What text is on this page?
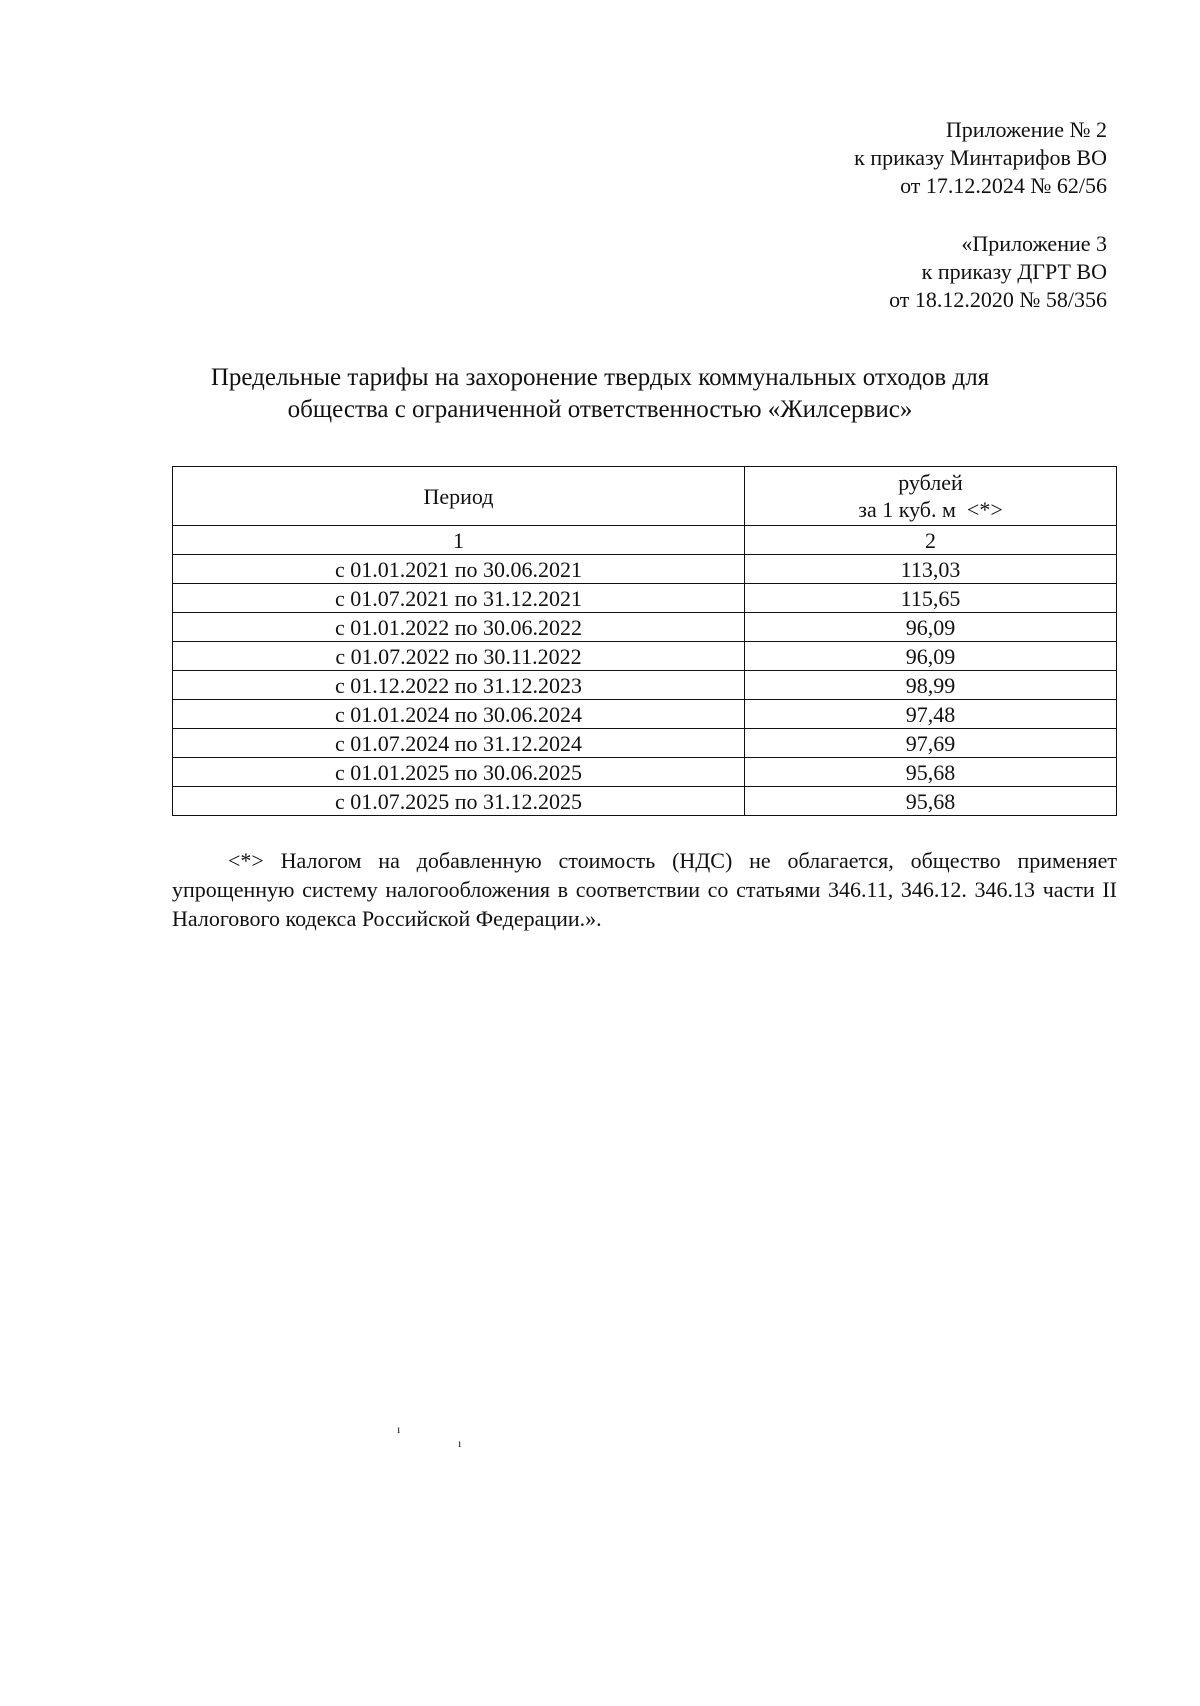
Приложение № 2
к приказу Минтарифов ВО
от 17.12.2024 № 62/56
«Приложение 3
к приказу ДГРТ ВО
от 18.12.2020 № 58/356
Предельные тарифы на захоронение твердых коммунальных отходов для
общества с ограниченной ответственностью «Жилсервис»
Период	рублей
за 1 куб. м  <*>

1	2
с 01.01.2021 по 30.06.2021	113,03
с 01.07.2021 по 31.12.2021	115,65
с 01.01.2022 по 30.06.2022	96,09
с 01.07.2022 по 30.11.2022	96,09
с 01.12.2022 по 31.12.2023	98,99
с 01.01.2024 по 30.06.2024	97,48
с 01.07.2024 по 31.12.2024	97,69
с 01.01.2025 по 30.06.2025	95,68
с 01.07.2025 по 31.12.2025	95,68
<*> Налогом на добавленную стоимость (НДС) не облагается, общество применяет упрощенную систему налогообложения в соответствии со статьями 346.11, 346.12. 346.13 части II Налогового кодекса Российской Федерации.».
ı
ı
